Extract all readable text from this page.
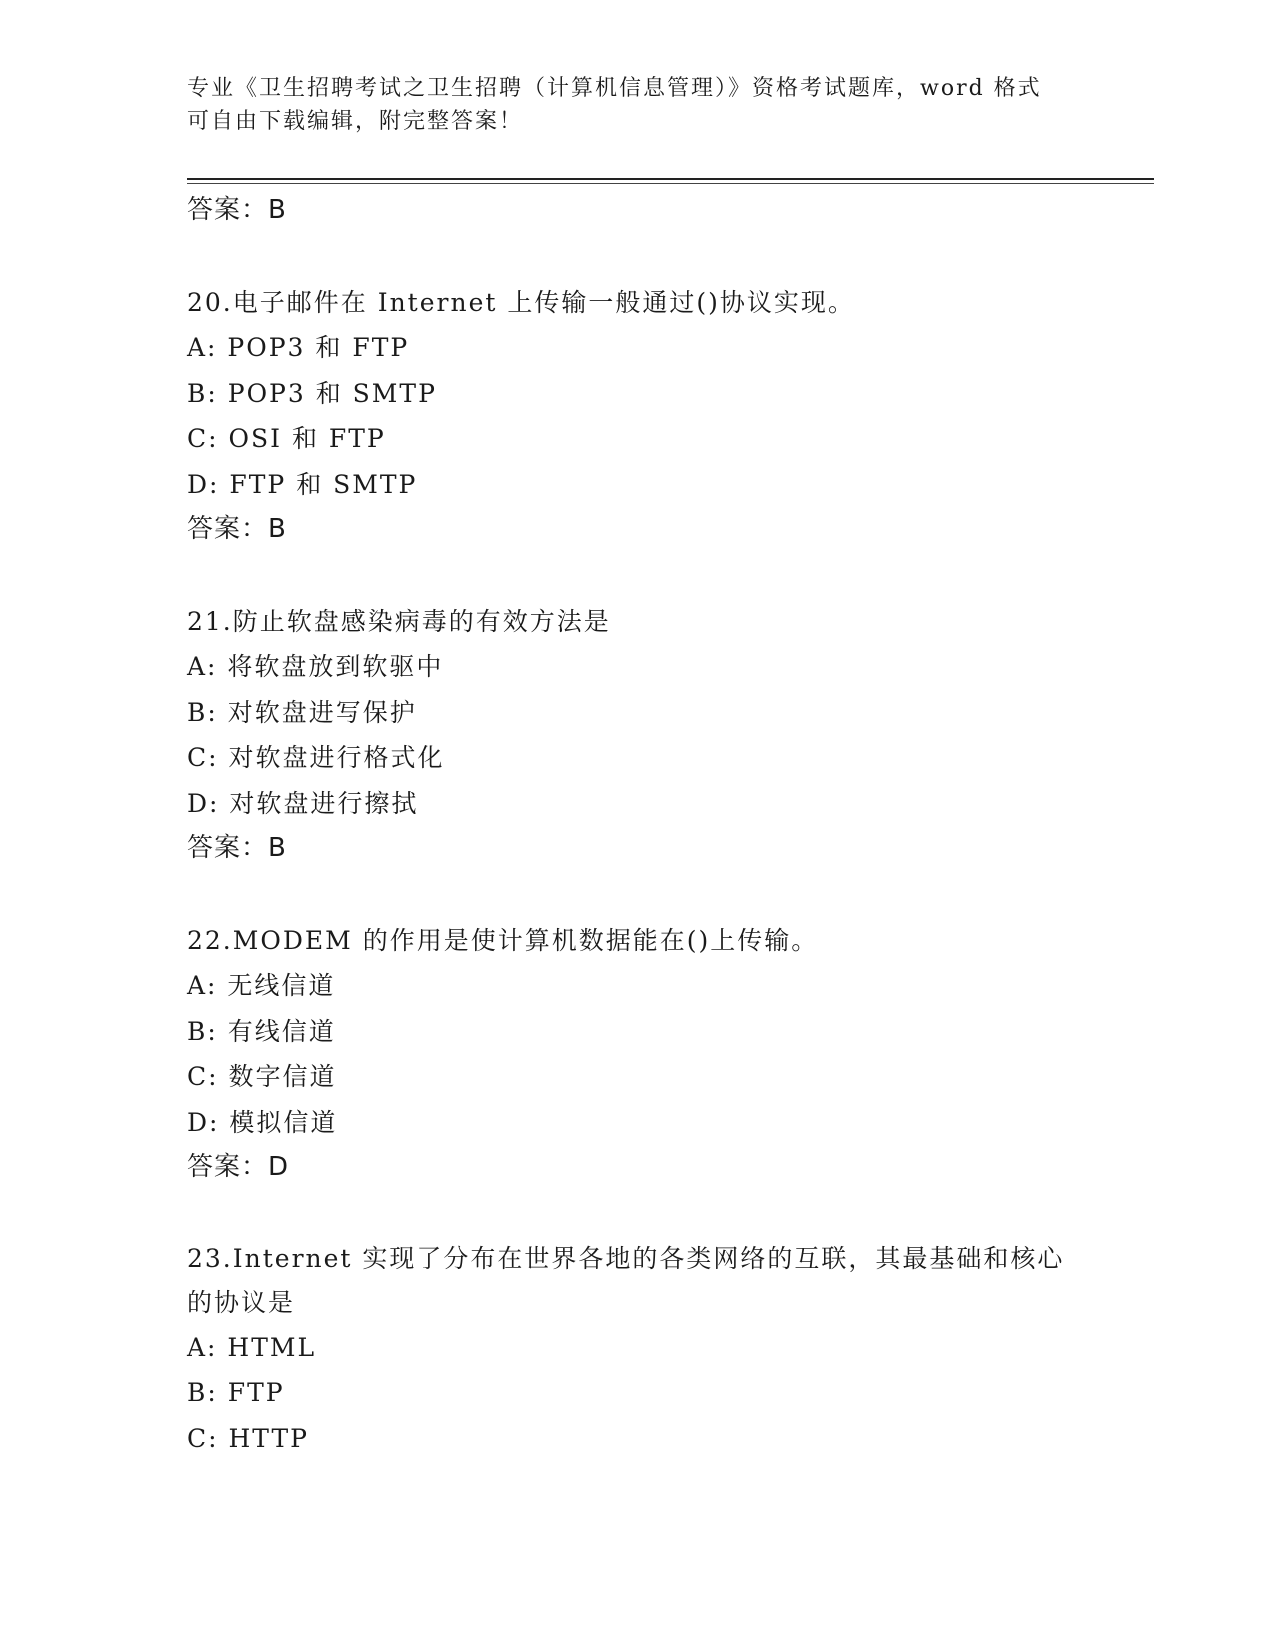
专业《卫生招聘考试之卫生招聘（计算机信息管理）》资格考试题库，word 格式
可自由下载编辑，附完整答案！
答案：B
20.电子邮件在 Internet 上传输一般通过()协议实现。
A: POP3 和 FTP
B: POP3 和 SMTP
C: OSI 和 FTP
D: FTP 和 SMTP
答案：B
21.防止软盘感染病毒的有效方法是
A: 将软盘放到软驱中
B: 对软盘进写保护
C: 对软盘进行格式化
D: 对软盘进行擦拭
答案：B
22.MODEM 的作用是使计算机数据能在()上传输。
A: 无线信道
B: 有线信道
C: 数字信道
D: 模拟信道
答案：D
23.Internet 实现了分布在世界各地的各类网络的互联，其最基础和核心的协议是
A: HTML
B: FTP
C: HTTP
